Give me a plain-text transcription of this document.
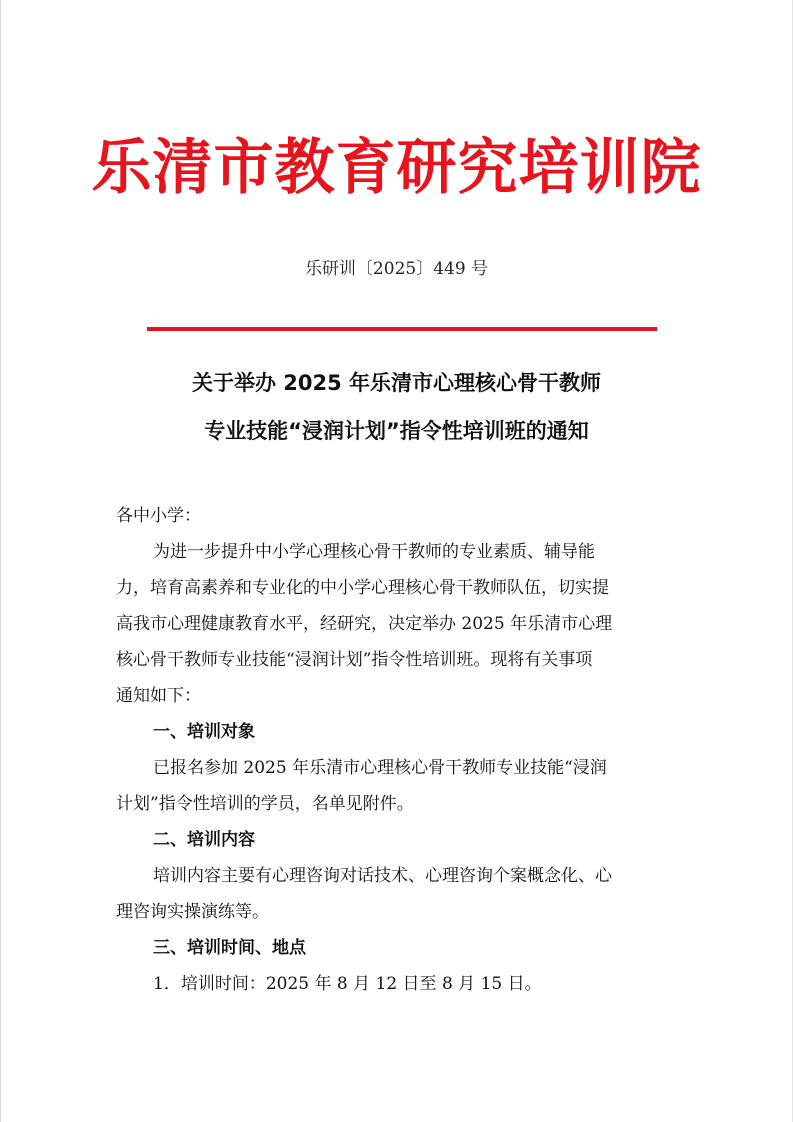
乐清市教育研究培训院
乐研训〔2025〕449 号
关于举办 2025 年乐清市心理核心骨干教师
专业技能“浸润计划”指令性培训班的通知
各中小学：
为进一步提升中小学心理核心骨干教师的专业素质、辅导能
力，培育高素养和专业化的中小学心理核心骨干教师队伍，切实提
高我市心理健康教育水平，经研究，决定举办 2025 年乐清市心理
核心骨干教师专业技能“浸润计划”指令性培训班。现将有关事项
通知如下：
一、培训对象
已报名参加 2025 年乐清市心理核心骨干教师专业技能“浸润
计划”指令性培训的学员，名单见附件。
二、培训内容
培训内容主要有心理咨询对话技术、心理咨询个案概念化、心
理咨询实操演练等。
三、培训时间、地点
1．培训时间：2025 年 8 月 12 日至 8 月 15 日。
